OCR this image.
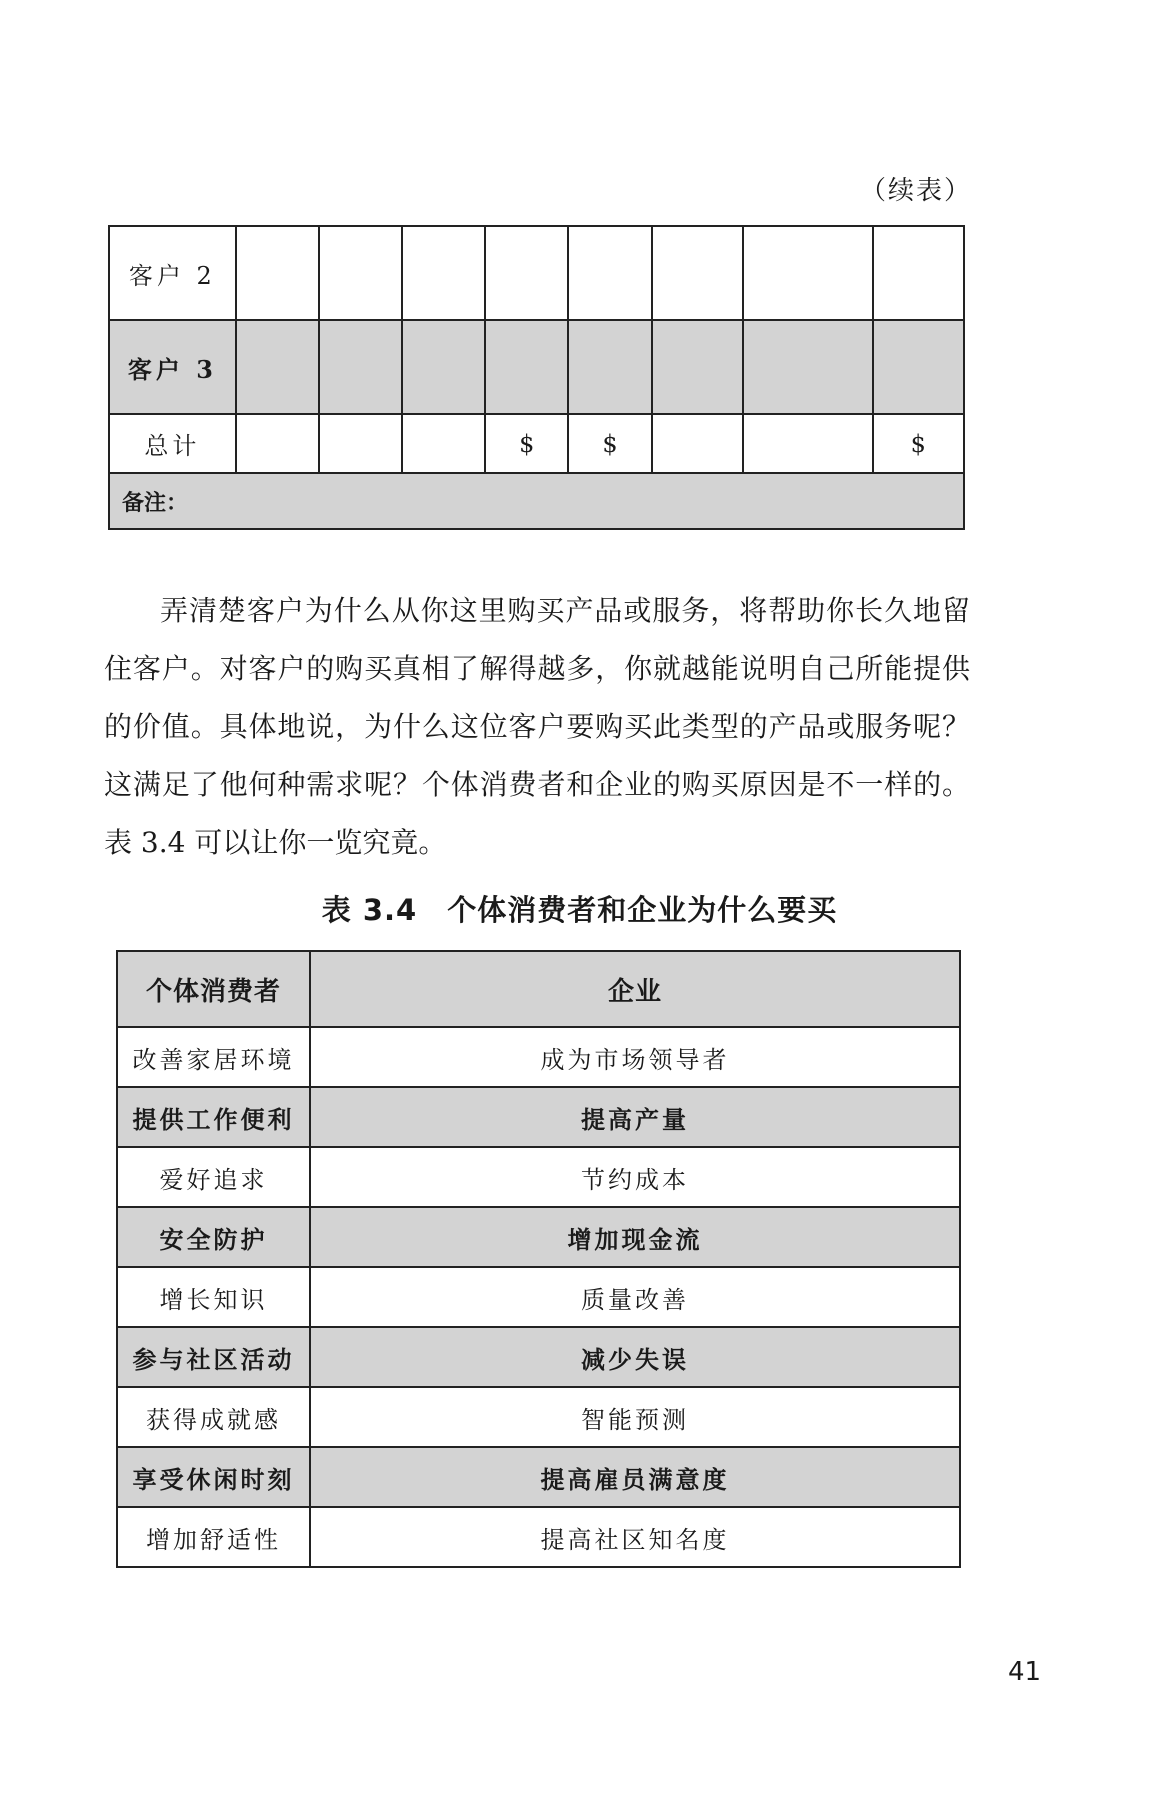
（续表）
客户 2								
客户 3								
总计				$	$			$
备注：								

弄清楚客户为什么从你这里购买产品或服务，将帮助你长久地留住客户。对客户的购买真相了解得越多，你就越能说明自己所能提供的价值。具体地说，为什么这位客户要购买此类型的产品或服务呢？这满足了他何种需求呢？个体消费者和企业的购买原因是不一样的。表 3.4 可以让你一览究竟。

表 3.4　个体消费者和企业为什么要买
个体消费者	企业
改善家居环境	成为市场领导者
提供工作便利	提高产量
爱好追求	节约成本
安全防护	增加现金流
增长知识	质量改善
参与社区活动	减少失误
获得成就感	智能预测
享受休闲时刻	提高雇员满意度
增加舒适性	提高社区知名度
41
